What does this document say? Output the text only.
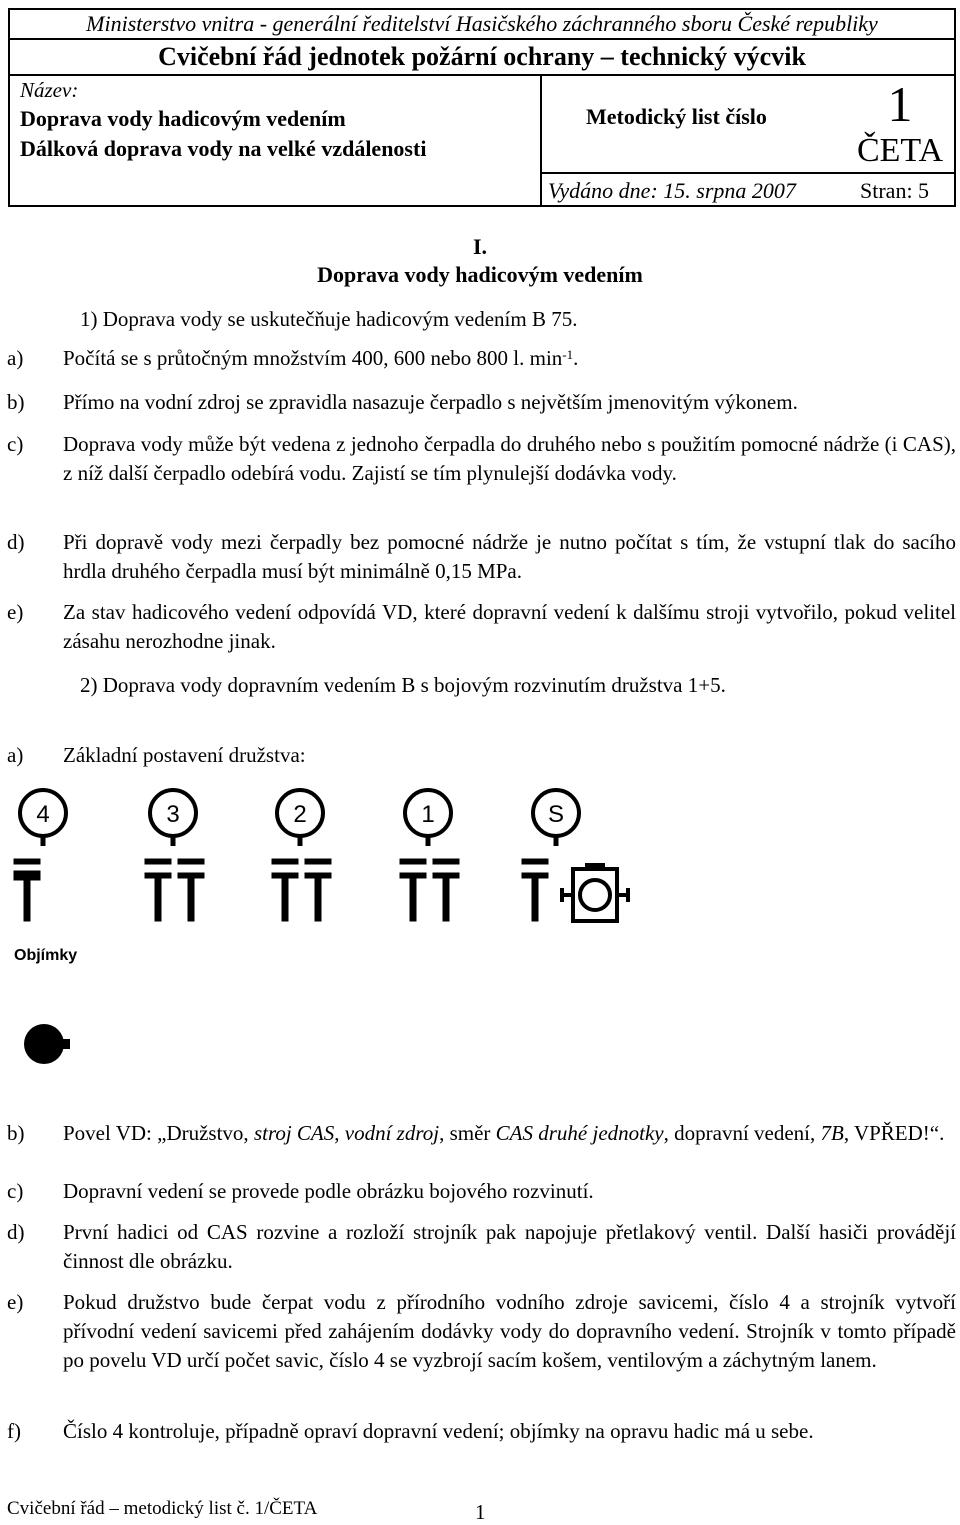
Ministerstvo vnitra - generální ředitelství Hasičského záchranného sboru České republiky
Cvičební řád jednotek požární ochrany – technický výcvik
Název:
Doprava vody hadicovým vedením
Dálková doprava vody na velké vzdálenosti
Metodický list číslo	1
ČETA
Vydáno dne: 15. srpna 2007	Stran: 5
I.
Doprava vody hadicovým vedením
1) Doprava vody se uskutečňuje hadicovým vedením B 75.
a) Počítá se s průtočným množstvím 400, 600 nebo 800 l. $\min^{-1}$.
b) Přímo na vodní zdroj se zpravidla nasazuje čerpadlo s největším jmenovitým výkonem.
c) Doprava vody může být vedena z jednoho čerpadla do druhého nebo s použitím pomocné nádrže (i CAS), z níž další čerpadlo odebírá vodu. Zajistí se tím plynulejší dodávka vody.
d) Při dopravě vody mezi čerpadly bez pomocné nádrže je nutno počítat s tím, že vstupní tlak do sacího hrdla druhého čerpadla musí být minimálně 0,15 MPa.
e) Za stav hadicového vedení odpovídá VD, které dopravní vedení k dalšímu stroji vytvořilo, pokud velitel zásahu nerozhodne jinak.
2) Doprava vody dopravním vedením B s bojovým rozvinutím družstva 1+5.
a) Základní postavení družstva:
4	3	2	1	S
Objímky
b) Povel VD: „Družstvo, stroj CAS, vodní zdroj, směr CAS druhé jednotky, dopravní vedení, 7B, VPŘED!“.
c) Dopravní vedení se provede podle obrázku bojového rozvinutí.
d) První hadici od CAS rozvine a rozloží strojník pak napojuje přetlakový ventil. Další hasiči provádějí činnost dle obrázku.
e) Pokud družstvo bude čerpat vodu z přírodního vodního zdroje savicemi, číslo 4 a strojník vytvoří přívodní vedení savicemi před zahájením dodávky vody do dopravního vedení. Strojník v tomto případě po povelu VD určí počet savic, číslo 4 se vyzbrojí sacím košem, ventilovým a záchytným lanem.
f) Číslo 4 kontroluje, případně opraví dopravní vedení; objímky na opravu hadic má u sebe.
Cvičební řád – metodický list č. 1/ČETA	1
